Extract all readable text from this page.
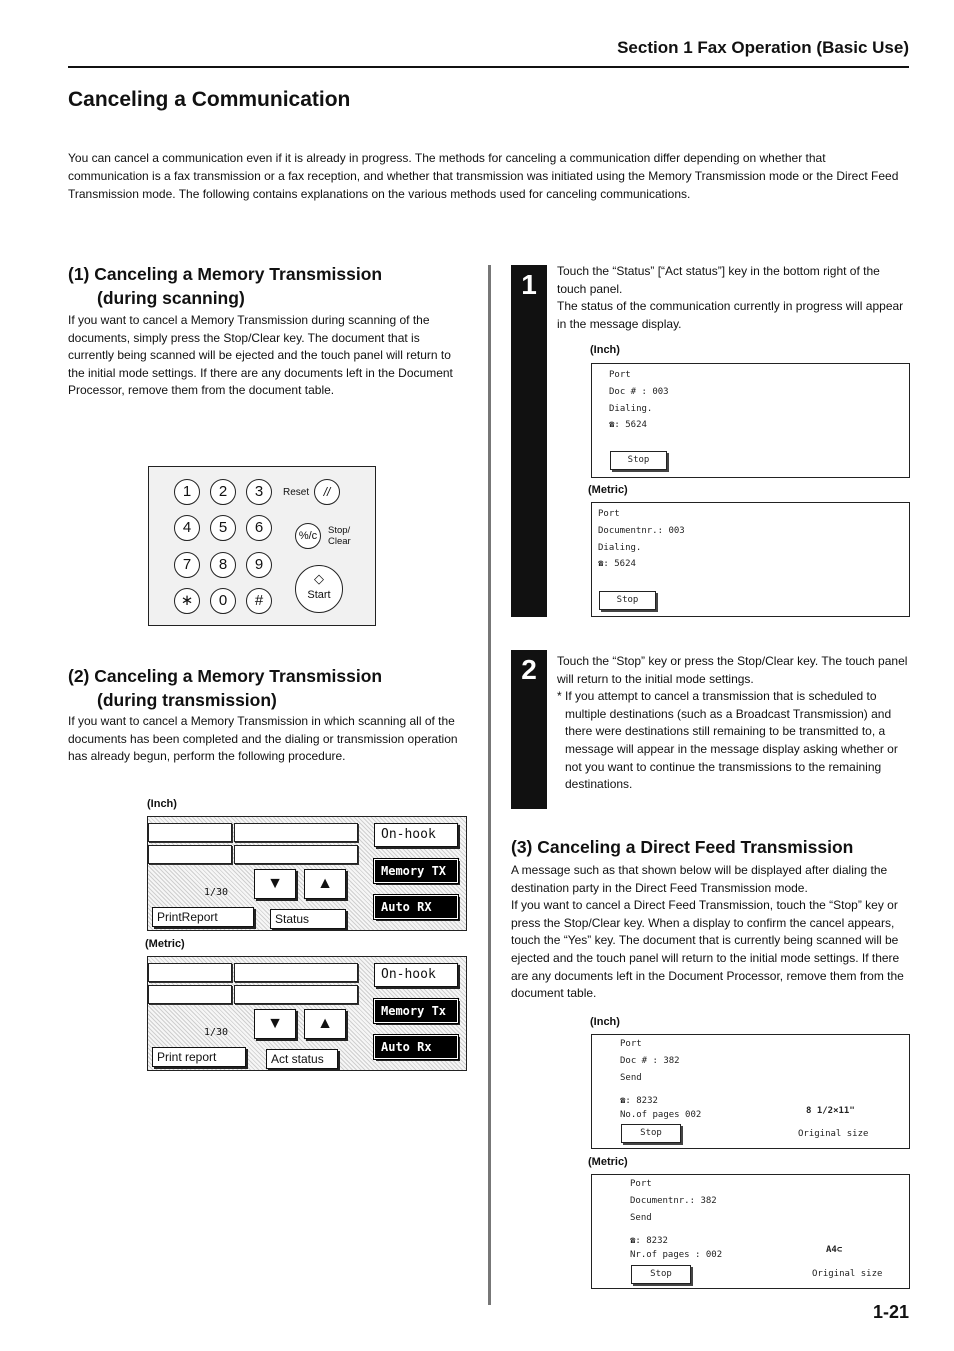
Section 1 Fax Operation (Basic Use)
Canceling a Communication
You can cancel a communication even if it is already in progress. The methods for canceling a communication differ depending on whether that communication is a fax transmission or a fax reception, and whether that transmission was initiated using the Memory Transmission mode or the Direct Feed Transmission mode. The following contains explanations on the various methods used for canceling communications.
(1) Canceling a Memory Transmission
(during scanning)
If you want to cancel a Memory Transmission during scanning of the documents, simply press the Stop/Clear key. The document that is currently being scanned will be ejected and the touch panel will return to the initial mode settings. If there are any documents left in the Document Processor, remove them from the document table.
1	2	3
4	5	6
7	8	9
∗	0	#
Reset	//
%/c	Stop/
Clear
◇
Start
(2) Canceling a Memory Transmission
(during transmission)
If you want to cancel a Memory Transmission in which scanning all of the documents has been completed and the dialing or transmission operation has already begun, perform the following procedure.
(Inch)
1/30
▼	▲
PrintReport	Status
On-hook
Memory TX
Auto RX
(Metric)
1/30
▼	▲
Print report	Act status
On-hook
Memory Tx
Auto Rx
1	Touch the “Status” [“Act status”] key in the bottom right of the touch panel.
The status of the communication currently in progress will appear in the message display.
(Inch)
Port
Doc # : 003
Dialing.
☎: 5624
Stop
(Metric)
Port
Documentnr.: 003
Dialing.
☎: 5624
Stop
2	Touch the “Stop” key or press the Stop/Clear key. The touch panel will return to the initial mode settings.
* If you attempt to cancel a transmission that is scheduled to multiple destinations (such as a Broadcast Transmission) and there were destinations still remaining to be transmitted to, a message will appear in the message display asking whether or not you want to continue the transmissions to the remaining destinations.
(3) Canceling a Direct Feed Transmission
A message such as that shown below will be displayed after dialing the destination party in the Direct Feed Transmission mode.
If you want to cancel a Direct Feed Transmission, touch the “Stop” key or press the Stop/Clear key. When a display to confirm the cancel appears, touch the “Yes” key. The document that is currently being scanned will be ejected and the touch panel will return to the initial mode settings. If there are any documents left in the Document Processor, remove them from the document table.
(Inch)
Port
Doc # : 382
Send
☎: 8232
No.of pages 002	8 1/2×11"
Original size
Stop
(Metric)
Port
Documentnr.: 382
Send
☎: 8232
Nr.of pages : 002	A4⊂
Original size
Stop
1-21
